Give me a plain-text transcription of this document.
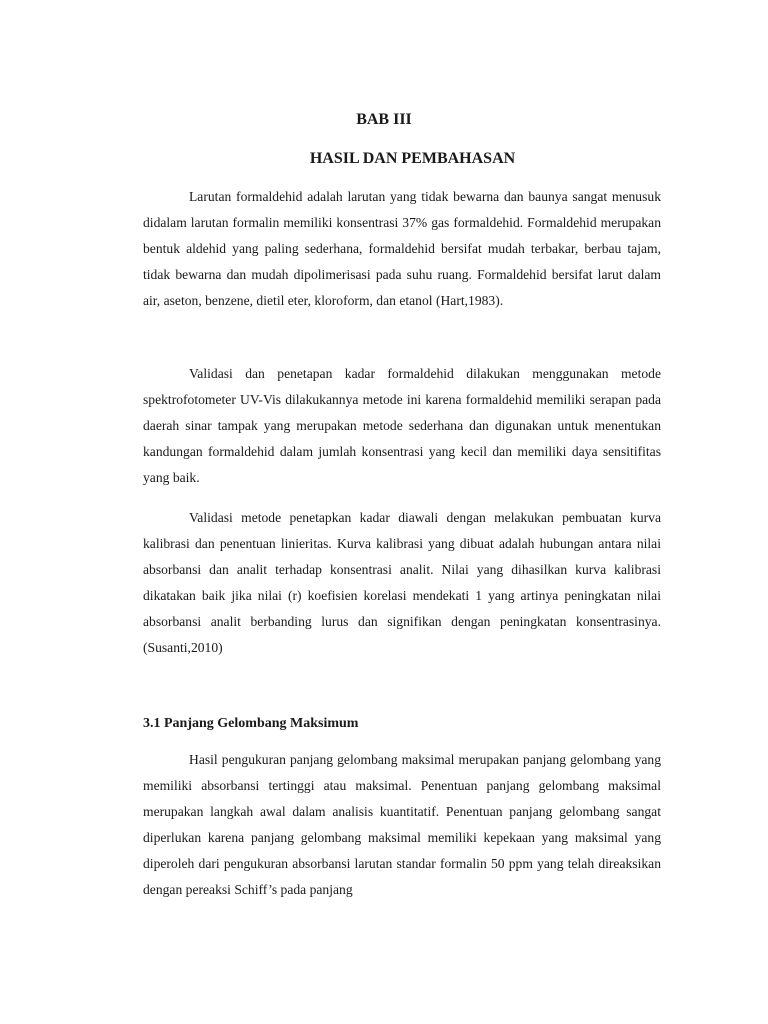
BAB III
HASIL DAN PEMBAHASAN

Larutan formaldehid adalah larutan yang tidak bewarna dan baunya sangat menusuk didalam larutan formalin memiliki konsentrasi 37% gas formaldehid. Formaldehid merupakan bentuk aldehid yang paling sederhana, formaldehid bersifat mudah terbakar, berbau tajam, tidak bewarna dan mudah dipolimerisasi pada suhu ruang. Formaldehid bersifat larut dalam air, aseton, benzene, dietil eter, kloroform, dan etanol (Hart,1983).

Validasi dan penetapan kadar formaldehid dilakukan menggunakan metode spektrofotometer UV-Vis dilakukannya metode ini karena formaldehid memiliki serapan pada daerah sinar tampak yang merupakan metode sederhana dan digunakan untuk menentukan kandungan formaldehid dalam jumlah konsentrasi yang kecil dan memiliki daya sensitifitas yang baik.

Validasi metode penetapkan kadar diawali dengan melakukan pembuatan kurva kalibrasi dan penentuan linieritas. Kurva kalibrasi yang dibuat adalah hubungan antara nilai absorbansi dan analit terhadap konsentrasi analit. Nilai yang dihasilkan kurva kalibrasi dikatakan baik jika nilai (r) koefisien korelasi mendekati 1 yang artinya peningkatan nilai absorbansi analit berbanding lurus dan signifikan dengan peningkatan konsentrasinya. (Susanti,2010)

3.1 Panjang Gelombang Maksimum

Hasil pengukuran panjang gelombang maksimal merupakan panjang gelombang yang memiliki absorbansi tertinggi atau maksimal. Penentuan panjang gelombang maksimal merupakan langkah awal dalam analisis kuantitatif. Penentuan panjang gelombang sangat diperlukan karena panjang gelombang maksimal memiliki kepekaan yang maksimal yang diperoleh dari pengukuran absorbansi larutan standar formalin 50 ppm yang telah direaksikan dengan pereaksi Schiff’s pada panjang
